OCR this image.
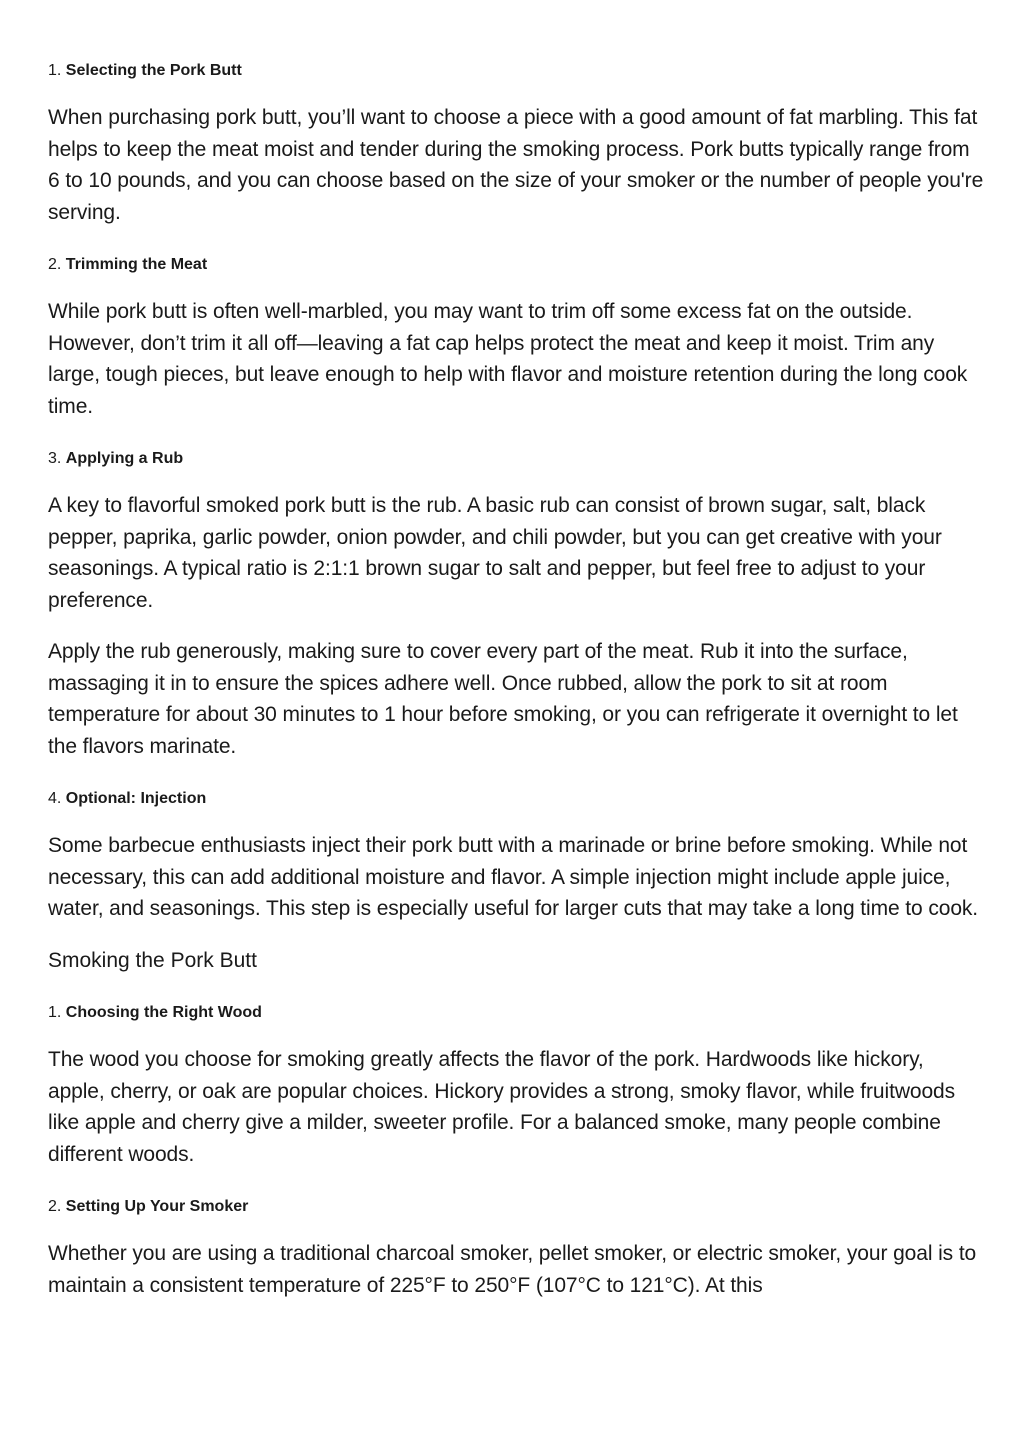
1. Selecting the Pork Butt

When purchasing pork butt, you’ll want to choose a piece with a good amount of fat marbling. This fat helps to keep the meat moist and tender during the smoking process. Pork butts typically range from 6 to 10 pounds, and you can choose based on the size of your smoker or the number of people you're serving.

2. Trimming the Meat

While pork butt is often well-marbled, you may want to trim off some excess fat on the outside. However, don’t trim it all off—leaving a fat cap helps protect the meat and keep it moist. Trim any large, tough pieces, but leave enough to help with flavor and moisture retention during the long cook time.

3. Applying a Rub

A key to flavorful smoked pork butt is the rub. A basic rub can consist of brown sugar, salt, black pepper, paprika, garlic powder, onion powder, and chili powder, but you can get creative with your seasonings. A typical ratio is 2:1:1 brown sugar to salt and pepper, but feel free to adjust to your preference.

Apply the rub generously, making sure to cover every part of the meat. Rub it into the surface, massaging it in to ensure the spices adhere well. Once rubbed, allow the pork to sit at room temperature for about 30 minutes to 1 hour before smoking, or you can refrigerate it overnight to let the flavors marinate.

4. Optional: Injection

Some barbecue enthusiasts inject their pork butt with a marinade or brine before smoking. While not necessary, this can add additional moisture and flavor. A simple injection might include apple juice, water, and seasonings. This step is especially useful for larger cuts that may take a long time to cook.

Smoking the Pork Butt

1. Choosing the Right Wood

The wood you choose for smoking greatly affects the flavor of the pork. Hardwoods like hickory, apple, cherry, or oak are popular choices. Hickory provides a strong, smoky flavor, while fruitwoods like apple and cherry give a milder, sweeter profile. For a balanced smoke, many people combine different woods.

2. Setting Up Your Smoker

Whether you are using a traditional charcoal smoker, pellet smoker, or electric smoker, your goal is to maintain a consistent temperature of 225°F to 250°F (107°C to 121°C). At this
